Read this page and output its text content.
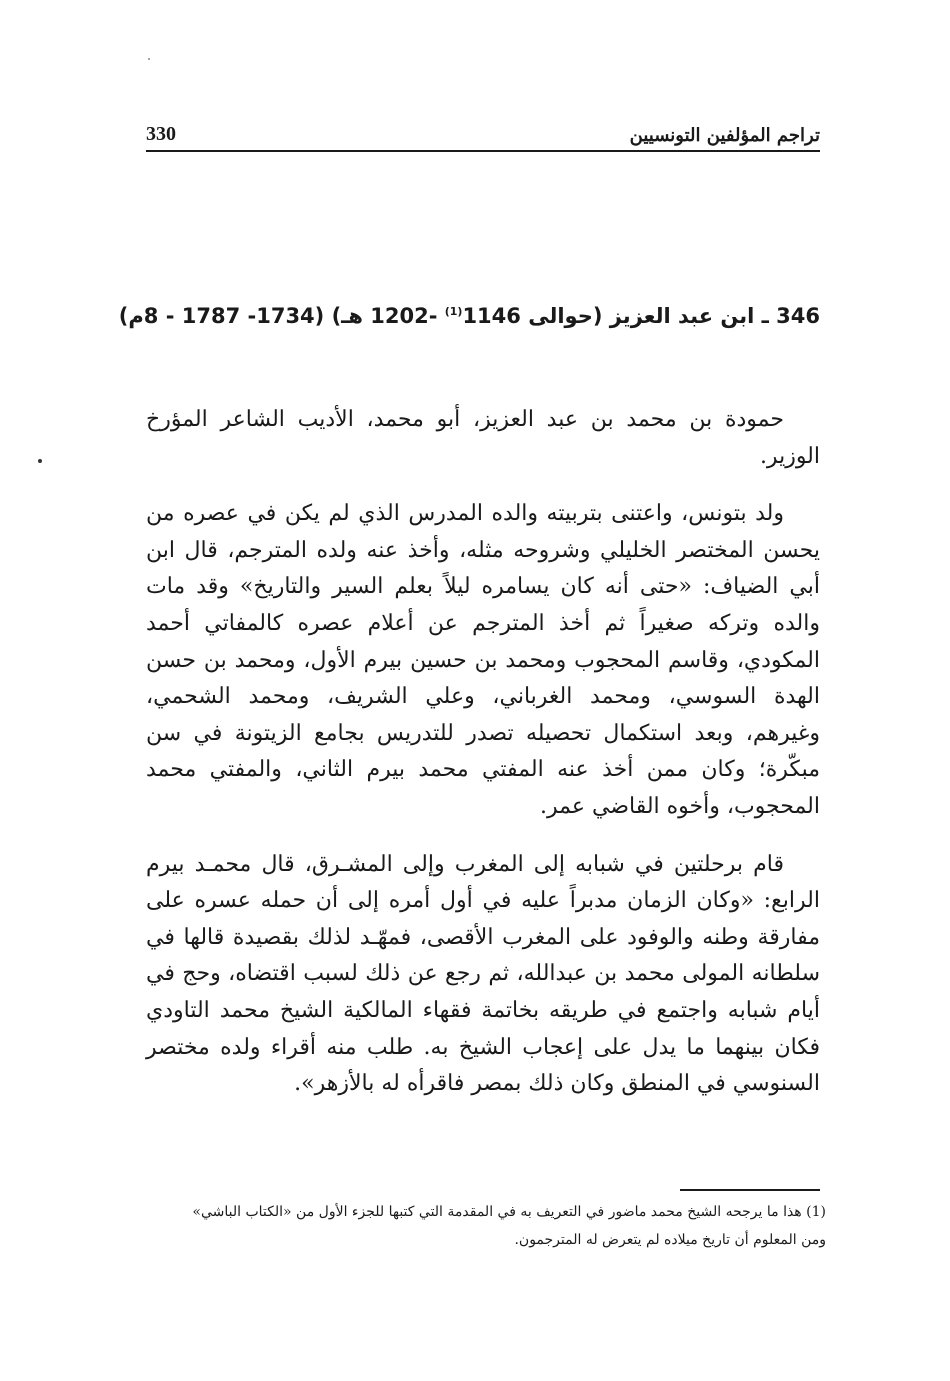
330	تراجم المؤلفين التونسيين
346 ـ ابن عبد العزيز (حوالى 1146$^{(1)}$ -1202 هـ) (1734- 1787 - 8م)

حمودة بن محمد بن عبد العزيز، أبو محمد، الأديب الشاعر المؤرخ الوزير.

ولد بتونس، واعتنى بتربيته والده المدرس الذي لم يكن في عصره من يحسن المختصر الخليلي وشروحه مثله، وأخذ عنه ولده المترجم، قال ابن أبي الضياف: «حتى أنه كان يسامره ليلاً بعلم السير والتاريخ» وقد مات والده وتركه صغيراً ثم أخذ المترجم عن أعلام عصره كالمفاتي أحمد المكودي، وقاسم المحجوب ومحمد بن حسين بيرم الأول، ومحمد بن حسن الهدة السوسي، ومحمد الغرباني، وعلي الشريف، ومحمد الشحمي، وغيرهم، وبعد استكمال تحصيله تصدر للتدريس بجامع الزيتونة في سن مبكّرة؛ وكان ممن أخذ عنه المفتي محمد بيرم الثاني، والمفتي محمد المحجوب، وأخوه القاضي عمر.

قام برحلتين في شبابه إلى المغرب وإلى المشـرق، قال محمـد بيرم الرابع: «وكان الزمان مدبراً عليه في أول أمره إلى أن حمله عسره على مفارقة وطنه والوفود على المغرب الأقصى، فمهّـد لذلك بقصيدة قالها في سلطانه المولى محمد بن عبدالله، ثم رجع عن ذلك لسبب اقتضاه، وحج في أيام شبابه واجتمع في طريقه بخاتمة فقهاء المالكية الشيخ محمد التاودي فكان بينهما ما يدل على إعجاب الشيخ به. طلب منه أقراء ولده مختصر السنوسي في المنطق وكان ذلك بمصر فاقرأه له بالأزهر».

(1) هذا ما يرجحه الشيخ محمد ماضور في التعريف به في المقدمة التي كتبها للجزء الأول من «الكتاب الباشي»

ومن المعلوم أن تاريخ ميلاده لم يتعرض له المترجمون.
